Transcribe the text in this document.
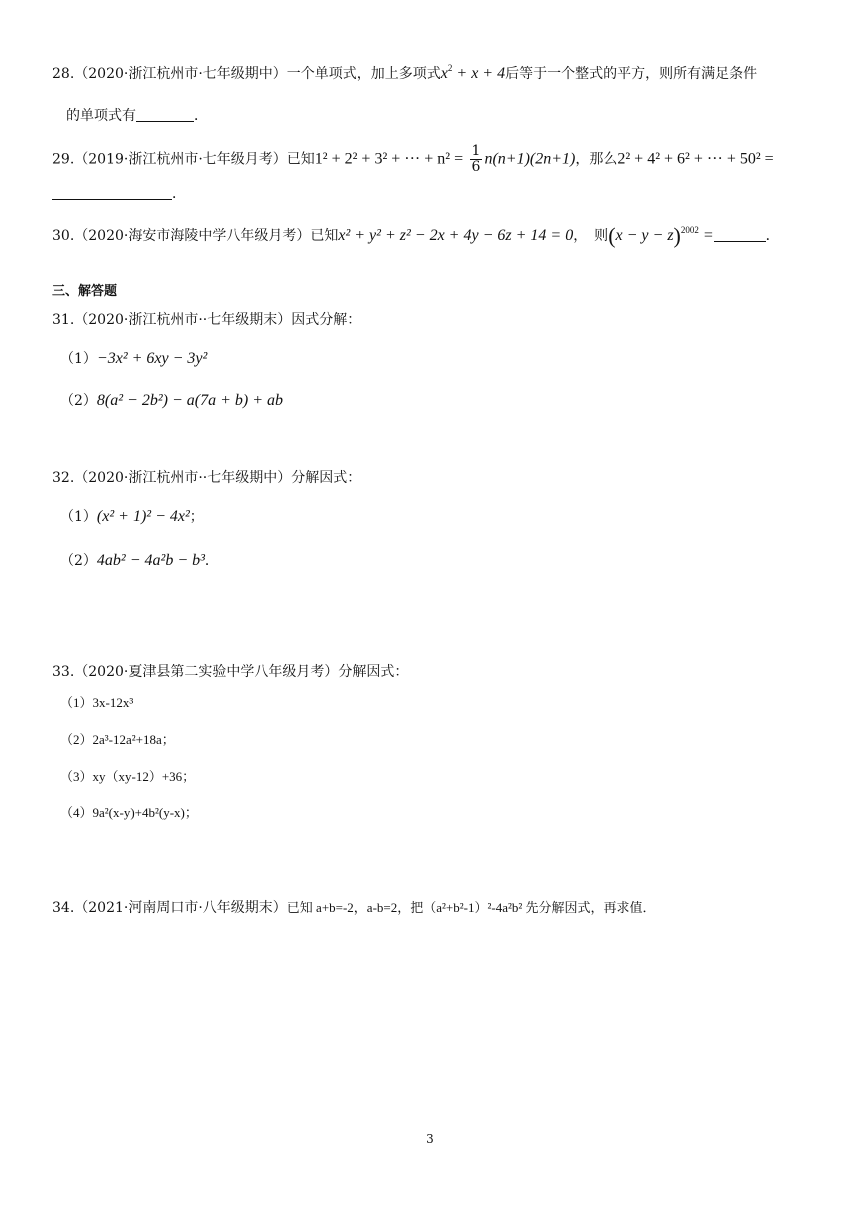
28.（2020·浙江杭州市·七年级期中）一个单项式，加上多项式$x^2 + x + 4$后等于一个整式的平方，则所有满足条件
的单项式有	．
29.（2019·浙江杭州市·七年级月考）已知1² + 2² + 3² + ··· + $n^2 = \frac{1}{6} n(n+1)(2n+1)$，那么2² + 4² + 6² + ··· + 50² =
．
30.（2020·海安市海陵中学八年级月考）已知x² + y² + z² − 2x + 4y − 6z + 14 = 0，　则$(x - y - z)^{2002}$ =	．
三、解答题
31.（2020·浙江杭州市··七年级期末）因式分解：
（1）−3x² + 6xy − 3y²
（2）8(a² − 2b²) − a(7a + b) + ab
32.（2020·浙江杭州市··七年级期中）分解因式：
（1）(x² + 1)² − 4x²；
（2）4ab² − 4a²b − b³．
33.（2020·夏津县第二实验中学八年级月考）分解因式：
（1）3x-12x³
（2）2a³-12a²+18a；
（3）xy（xy-12）+36；
（4）9a²(x-y)+4b²(y-x)；
34.（2021·河南周口市·八年级期末）已知 a+b=-2，a-b=2，把（a²+b²-1）²-4a²b² 先分解因式，再求值．
3
